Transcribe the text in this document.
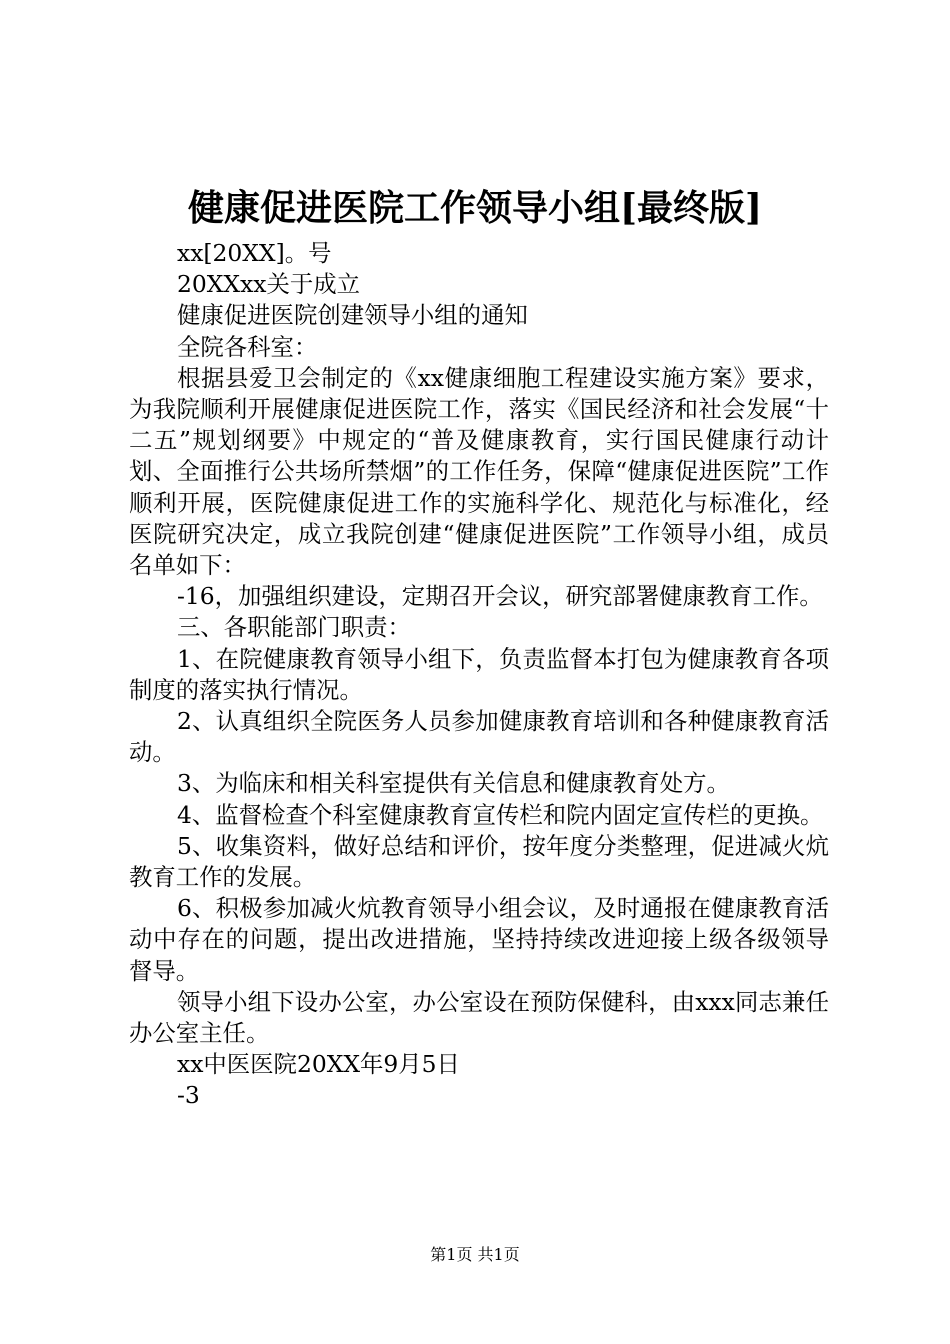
健康促进医院工作领导小组[最终版]

xx[20XX]。号

20XXxx关于成立

健康促进医院创建领导小组的通知

全院各科室：

根据县爱卫会制定的《xx健康细胞工程建设实施方案》要求，为我院顺利开展健康促进医院工作，落实《国民经济和社会发展“十二五”规划纲要》中规定的“普及健康教育，实行国民健康行动计划、全面推行公共场所禁烟”的工作任务，保障“健康促进医院”工作顺利开展，医院健康促进工作的实施科学化、规范化与标准化，经医院研究决定，成立我院创建“健康促进医院”工作领导小组，成员名单如下：

-16，加强组织建设，定期召开会议，研究部署健康教育工作。

三、各职能部门职责：

1、在院健康教育领导小组下，负责监督本打包为健康教育各项制度的落实执行情况。

2、认真组织全院医务人员参加健康教育培训和各种健康教育活动。

3、为临床和相关科室提供有关信息和健康教育处方。

4、监督检查个科室健康教育宣传栏和院内固定宣传栏的更换。

5、收集资料，做好总结和评价，按年度分类整理，促进减火炕教育工作的发展。

6、积极参加减火炕教育领导小组会议，及时通报在健康教育活动中存在的问题，提出改进措施，坚持持续改进迎接上级各级领导督导。

领导小组下设办公室，办公室设在预防保健科，由xxx同志兼任办公室主任。

xx中医医院20XX年9月5日

-3

第1页 共1页
